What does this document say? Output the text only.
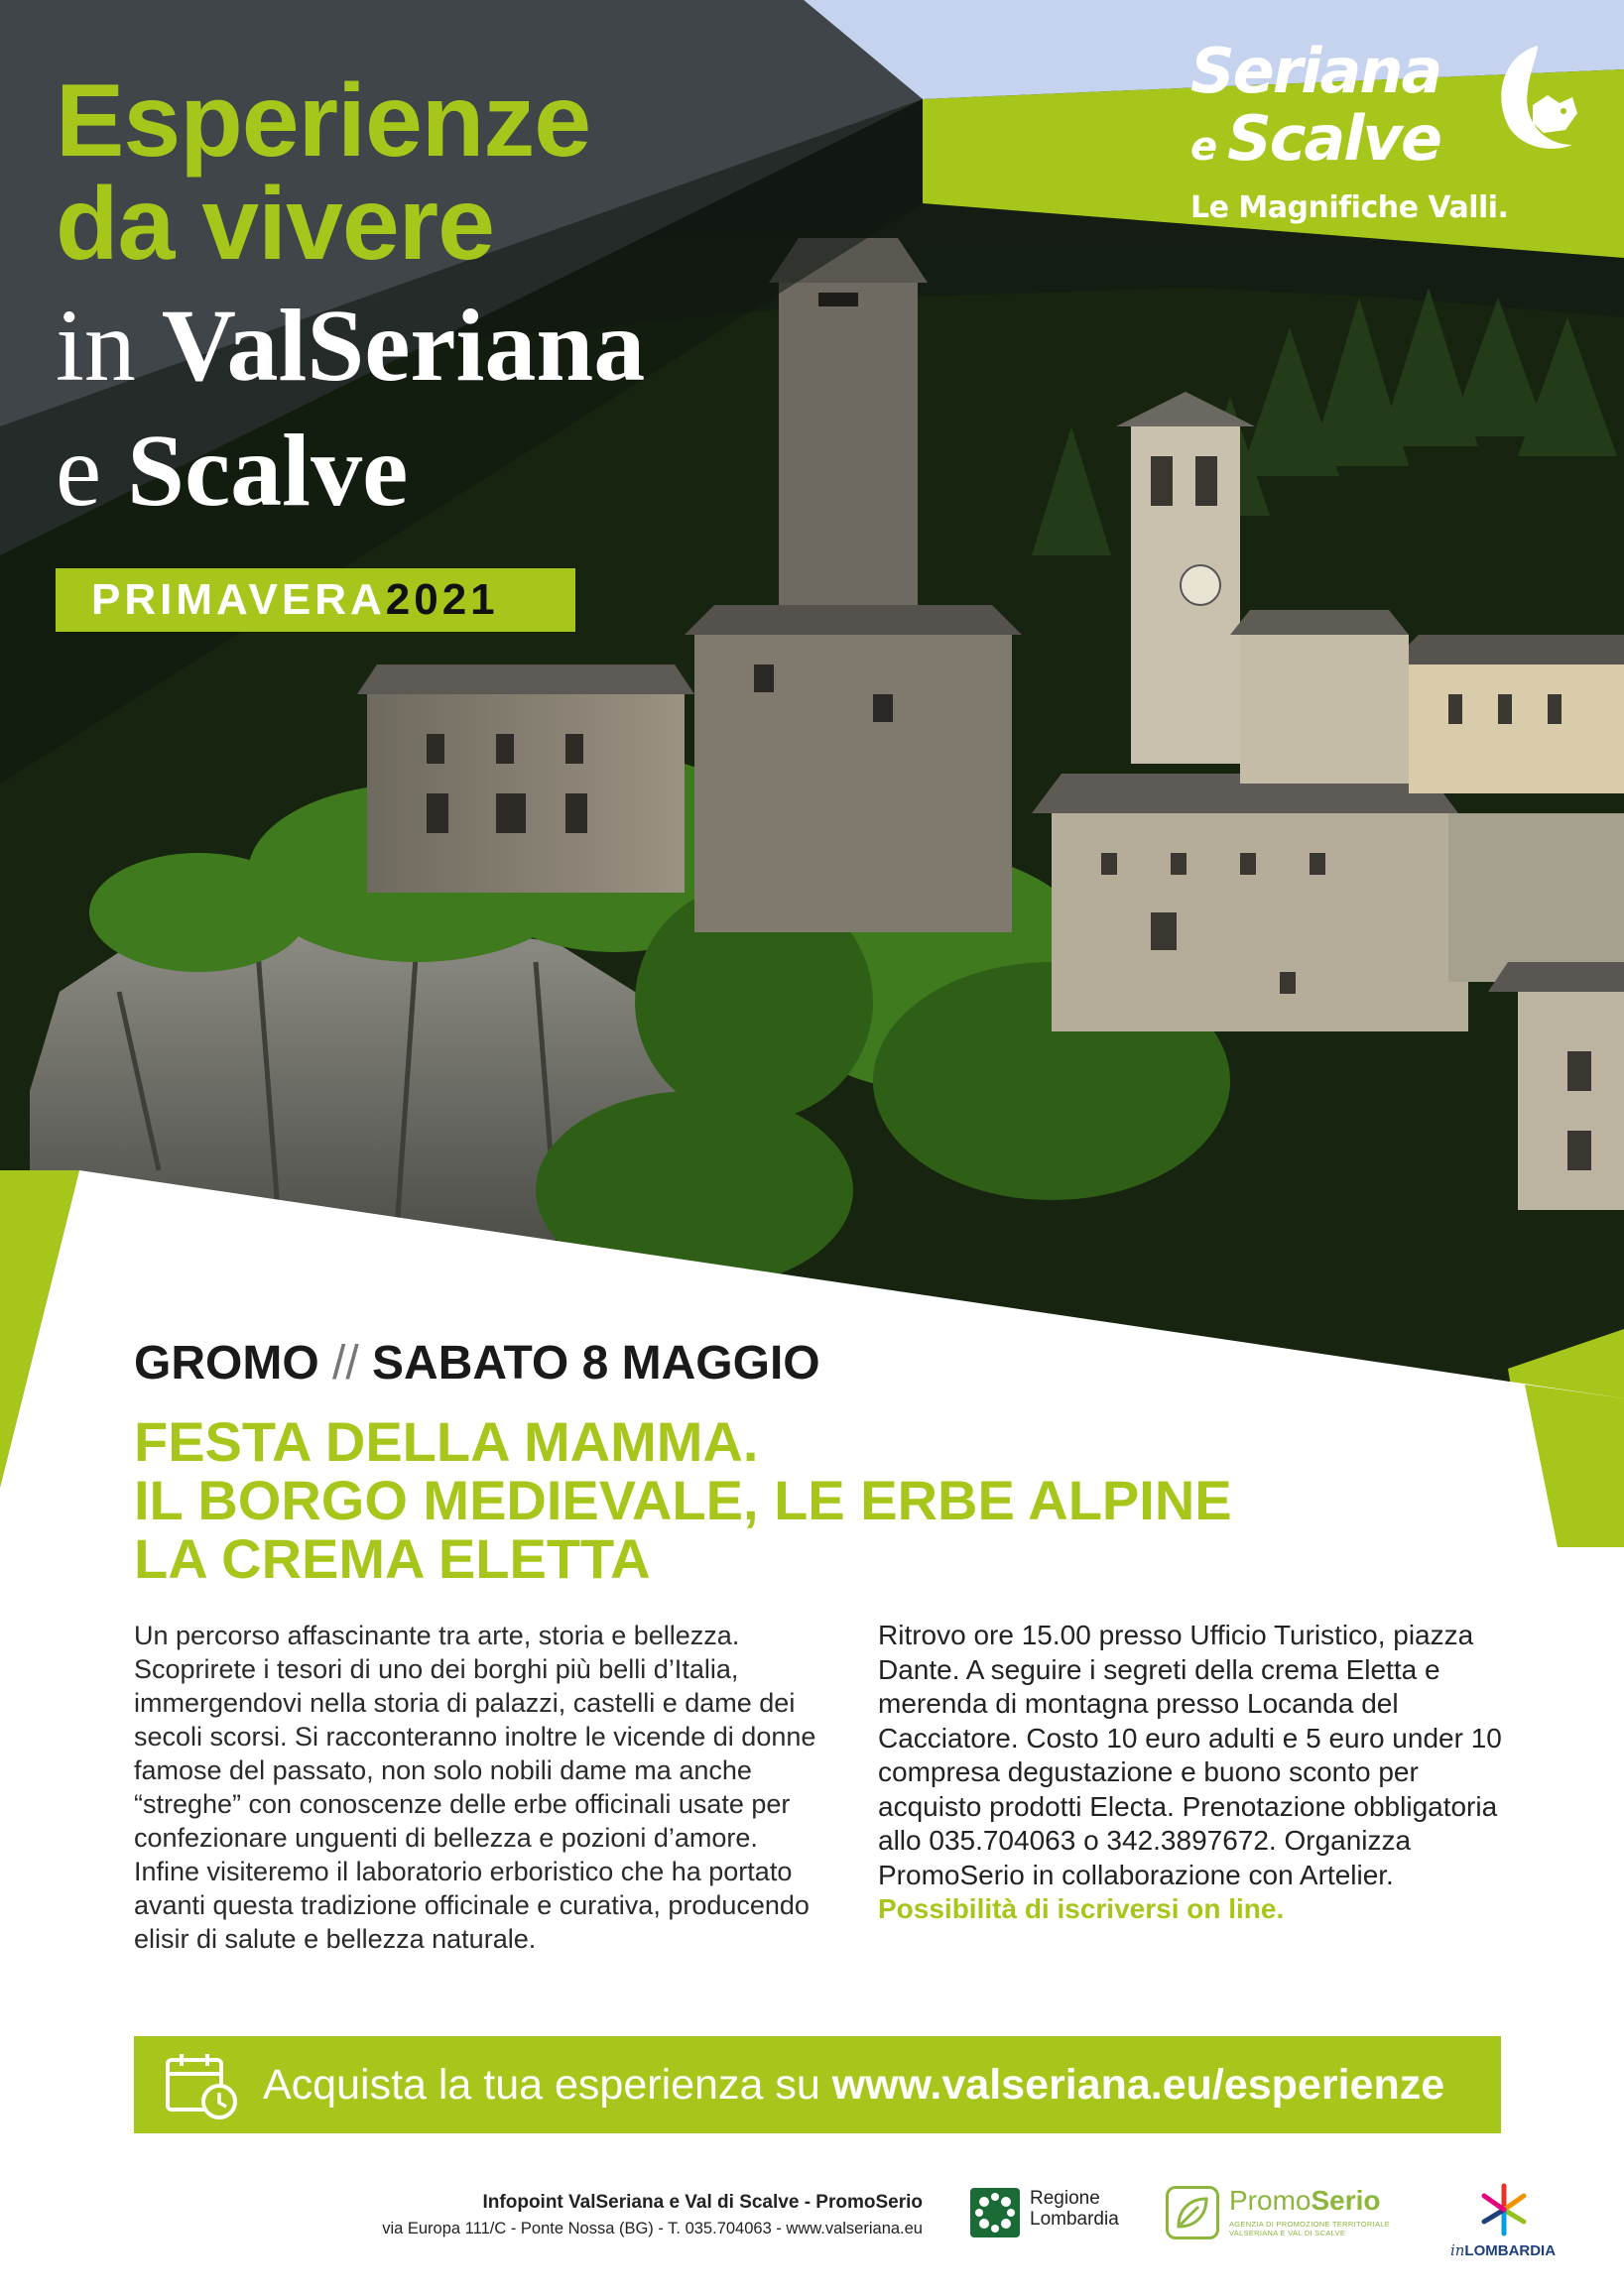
Esperienze
da vivere
in ValSeriana
e Scalve
PRIMAVERA2021
Seriana
e Scalve
Le Magnifiche Valli.
GROMO // SABATO 8 MAGGIO
FESTA DELLA MAMMA.
IL BORGO MEDIEVALE, LE ERBE ALPINE
LA CREMA ELETTA

Un percorso affascinante tra arte, storia e bellezza. Scoprirete i tesori di uno dei borghi più belli d’Italia, immergendovi nella storia di palazzi, castelli e dame dei secoli scorsi. Si racconteranno inoltre le vicende di donne famose del passato, non solo nobili dame ma anche “streghe” con conoscenze delle erbe officinali usate per confezionare unguenti di bellezza e pozioni d’amore. Infine visiteremo il laboratorio erboristico che ha portato avanti questa tradizione officinale e curativa, producendo elisir di salute e bellezza naturale.

Ritrovo ore 15.00 presso Ufficio Turistico, piazza Dante. A seguire i segreti della crema Eletta e merenda di montagna presso Locanda del Cacciatore. Costo 10 euro adulti e 5 euro under 10 compresa degustazione e buono sconto per acquisto prodotti Electa. Prenotazione obbligatoria allo 035.704063 o 342.3897672. Organizza PromoSerio in collaborazione con Artelier. Possibilità di iscriversi on line.

Acquista la tua esperienza su www.valseriana.eu/esperienze
Infopoint ValSeriana e Val di Scalve - PromoSerio
via Europa 111/C - Ponte Nossa (BG) - T. 035.704063 - www.valseriana.eu
Regione
Lombardia
PromoSerio
AGENZIA DI PROMOZIONE TERRITORIALE VALSERIANA E VAL DI SCALVE
inLOMBARDIA
